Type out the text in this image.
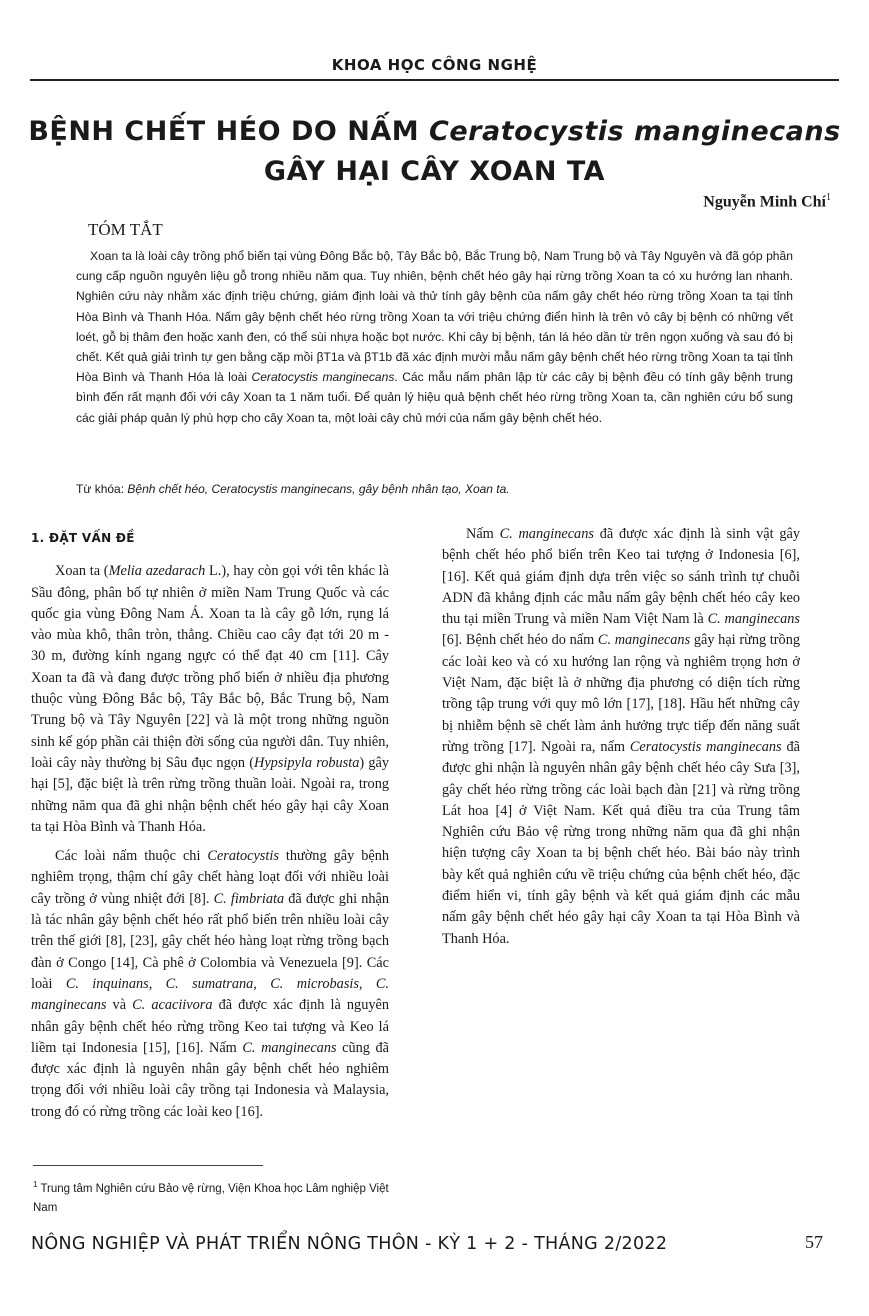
KHOA HỌC CÔNG NGHỆ
BỆNH CHẾT HÉO DO NẤM Ceratocystis manginecans
GÂY HẠI CÂY XOAN TA
Nguyễn Minh Chí$^1$
TÓM TẮT

Xoan ta là loài cây trồng phổ biến tại vùng Đông Bắc bộ, Tây Bắc bộ, Bắc Trung bộ, Nam Trung bộ và Tây Nguyên và đã góp phần cung cấp nguồn nguyên liệu gỗ trong nhiều năm qua. Tuy nhiên, bệnh chết héo gây hại rừng trồng Xoan ta có xu hướng lan nhanh. Nghiên cứu này nhằm xác định triệu chứng, giám định loài và thử tính gây bệnh của nấm gây chết héo rừng trồng Xoan ta tại tỉnh Hòa Bình và Thanh Hóa. Nấm gây bệnh chết héo rừng trồng Xoan ta với triệu chứng điển hình là trên vỏ cây bị bệnh có những vết loét, gỗ bị thâm đen hoặc xanh đen, có thể sùi nhựa hoặc bọt nước. Khi cây bị bệnh, tán lá héo dần từ trên ngọn xuống và sau đó bị chết. Kết quả giải trình tự gen bằng cặp mồi βT1a và βT1b đã xác định mười mẫu nấm gây bệnh chết héo rừng trồng Xoan ta tại tỉnh Hòa Bình và Thanh Hóa là loài Ceratocystis manginecans. Các mẫu nấm phân lập từ các cây bị bệnh đều có tính gây bệnh trung bình đến rất mạnh đối với cây Xoan ta 1 năm tuổi. Để quản lý hiệu quả bệnh chết héo rừng trồng Xoan ta, cần nghiên cứu bổ sung các giải pháp quản lý phù hợp cho cây Xoan ta, một loài cây chủ mới của nấm gây bệnh chết héo.

Từ khóa: Bệnh chết héo, Ceratocystis manginecans, gây bệnh nhân tạo, Xoan ta.
1. ĐẶT VẤN ĐỀ

Xoan ta (Melia azedarach L.), hay còn gọi với tên khác là Sầu đông, phân bố tự nhiên ở miền Nam Trung Quốc và các quốc gia vùng Đông Nam Á. Xoan ta là cây gỗ lớn, rụng lá vào mùa khô, thân tròn, thẳng. Chiều cao cây đạt tới 20 m - 30 m, đường kính ngang ngực có thể đạt 40 cm [11]. Cây Xoan ta đã và đang được trồng phổ biến ở nhiều địa phương thuộc vùng Đông Bắc bộ, Tây Bắc bộ, Bắc Trung bộ, Nam Trung bộ và Tây Nguyên [22] và là một trong những nguồn sinh kế góp phần cải thiện đời sống của người dân. Tuy nhiên, loài cây này thường bị Sâu đục ngọn (Hypsipyla robusta) gây hại [5], đặc biệt là trên rừng trồng thuần loài. Ngoài ra, trong những năm qua đã ghi nhận bệnh chết héo gây hại cây Xoan ta tại Hòa Bình và Thanh Hóa.

Các loài nấm thuộc chi Ceratocystis thường gây bệnh nghiêm trọng, thậm chí gây chết hàng loạt đối với nhiều loài cây trồng ở vùng nhiệt đới [8]. C. fimbriata đã được ghi nhận là tác nhân gây bệnh chết héo rất phổ biến trên nhiều loài cây trên thế giới [8], [23], gây chết héo hàng loạt rừng trồng bạch đàn ở Congo [14], Cà phê ở Colombia và Venezuela [9]. Các loài C. inquinans, C. sumatrana, C. microbasis, C. manginecans và C. acaciivora đã được xác định là nguyên nhân gây bệnh chết héo rừng trồng Keo tai tượng và Keo lá liềm tại Indonesia [15], [16]. Nấm C. manginecans cũng đã được xác định là nguyên nhân gây bệnh chết héo nghiêm trọng đối với nhiều loài cây trồng tại Indonesia và Malaysia, trong đó có rừng trồng các loài keo [16].

Nấm C. manginecans đã được xác định là sinh vật gây bệnh chết héo phổ biến trên Keo tai tượng ở Indonesia [6], [16]. Kết quả giám định dựa trên việc so sánh trình tự chuỗi ADN đã khẳng định các mẫu nấm gây bệnh chết héo cây keo thu tại miền Trung và miền Nam Việt Nam là C. manginecans [6]. Bệnh chết héo do nấm C. manginecans gây hại rừng trồng các loài keo và có xu hướng lan rộng và nghiêm trọng hơn ở Việt Nam, đặc biệt là ở những địa phương có diện tích rừng trồng tập trung với quy mô lớn [17], [18]. Hầu hết những cây bị nhiễm bệnh sẽ chết làm ảnh hưởng trực tiếp đến năng suất rừng trồng [17]. Ngoài ra, nấm Ceratocystis manginecans đã được ghi nhận là nguyên nhân gây bệnh chết héo cây Sưa [3], gây chết héo rừng trồng các loài bạch đàn [21] và rừng trồng Lát hoa [4] ở Việt Nam. Kết quả điều tra của Trung tâm Nghiên cứu Bảo vệ rừng trong những năm qua đã ghi nhận hiện tượng cây Xoan ta bị bệnh chết héo. Bài báo này trình bày kết quả nghiên cứu về triệu chứng của bệnh chết héo, đặc điểm hiển vi, tính gây bệnh và kết quả giám định các mẫu nấm gây bệnh chết héo gây hại cây Xoan ta tại Hòa Bình và Thanh Hóa.

$^1$ Trung tâm Nghiên cứu Bảo vệ rừng, Viện Khoa học Lâm nghiệp Việt Nam
NÔNG NGHIỆP VÀ PHÁT TRIỂN NÔNG THÔN - KỲ 1 + 2 - THÁNG 2/2022	57
